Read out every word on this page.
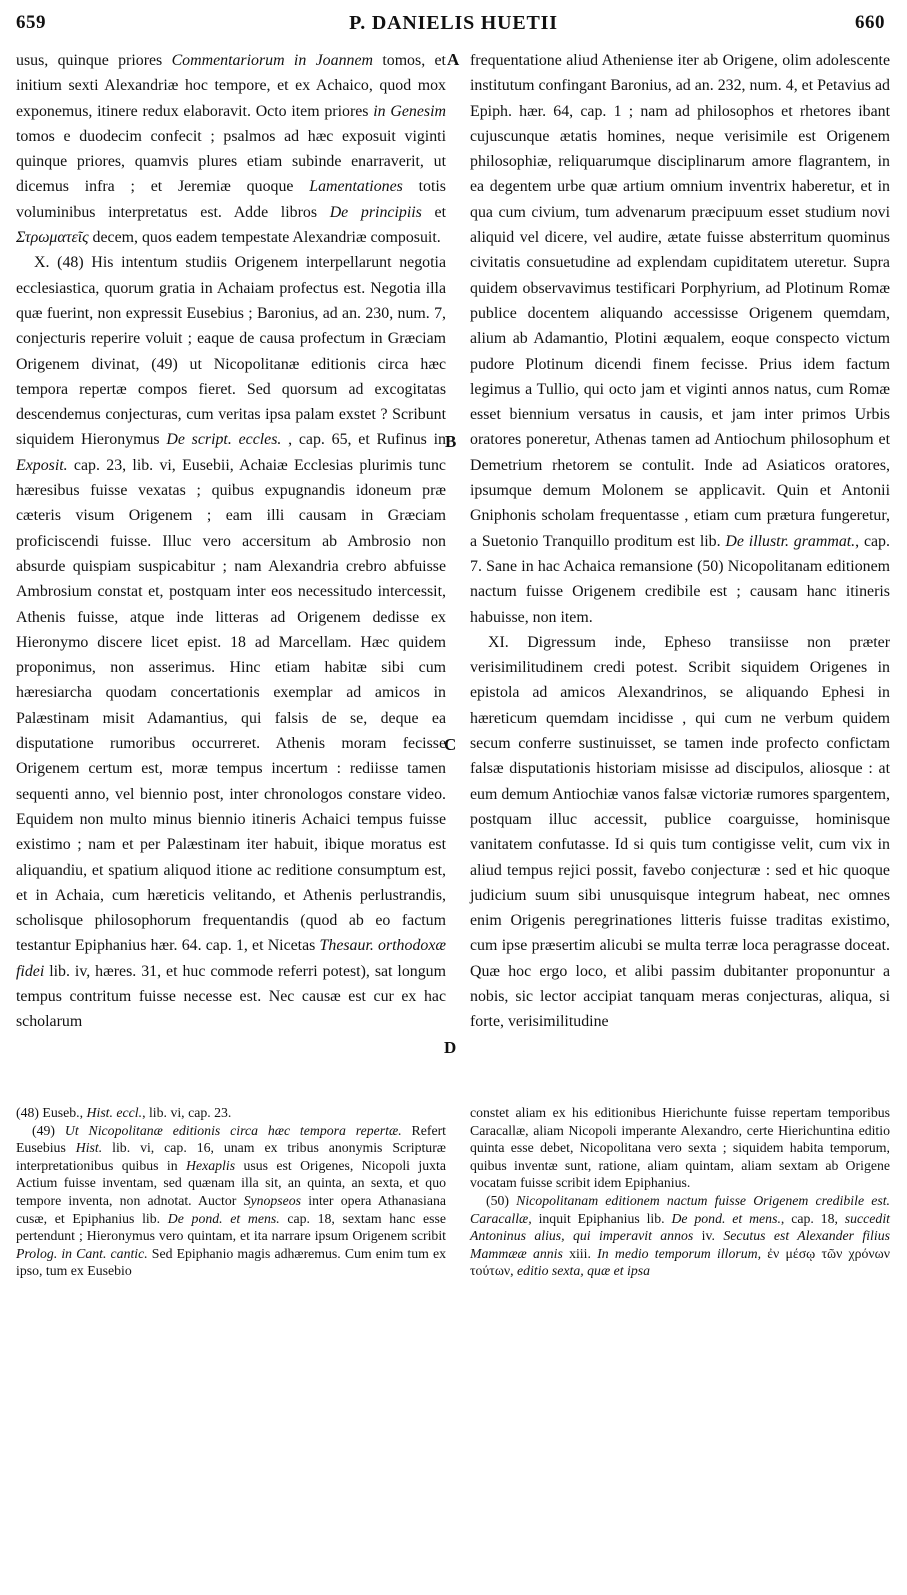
659	P. DANIELIS HUETII	660

usus, quinque priores Commentariorum in Joannem tomos, et initium sexti Alexandriæ hoc tempore, et ex Achaico, quod mox exponemus, itinere redux elaboravit. Octo item priores in Genesim tomos e duodecim confecit ; psalmos ad hæc exposuit viginti quinque priores, quamvis plures etiam subinde enarraverit, ut dicemus infra ; et Jeremiæ quoque Lamentationes totis voluminibus interpretatus est. Adde libros De principiis et Στρωματεῖς decem, quos eadem tempestate Alexandriæ composuit.

X. (48) His intentum studiis Origenem interpellarunt negotia ecclesiastica, quorum gratia in Achaiam profectus est. Negotia illa quæ fuerint, non expressit Eusebius ; Baronius, ad an. 230, num. 7, conjecturis reperire voluit ; eaque de causa profectum in Græciam Origenem divinat, (49) ut Nicopolitanæ editionis circa hæc tempora repertæ compos fieret. Sed quorsum ad excogitatas descendemus conjecturas, cum veritas ipsa palam exstet ? Scribunt siquidem Hieronymus De script. eccles. , cap. 65, et Rufinus in Exposit. cap. 23, lib. vi, Eusebii, Achaiæ Ecclesias plurimis tunc hæresibus fuisse vexatas ; quibus expugnandis idoneum præ cæteris visum Origenem ; eam illi causam in Græciam proficiscendi fuisse. Illuc vero accersitum ab Ambrosio non absurde quispiam suspicabitur ; nam Alexandria crebro abfuisse Ambrosium constat et, postquam inter eos necessitudo intercessit, Athenis fuisse, atque inde litteras ad Origenem dedisse ex Hieronymo discere licet epist. 18 ad Marcellam. Hæc quidem proponimus, non asserimus. Hinc etiam habitæ sibi cum hæresiarcha quodam concertationis exemplar ad amicos in Palæstinam misit Adamantius, qui falsis de se, deque ea disputatione rumoribus occurreret. Athenis moram fecisse Origenem certum est, moræ tempus incertum : rediisse tamen sequenti anno, vel biennio post, inter chronologos constare video. Equidem non multo minus biennio itineris Achaici tempus fuisse existimo ; nam et per Palæstinam iter habuit, ibique moratus est aliquandiu, et spatium aliquod itione ac reditione consumptum est, et in Achaia, cum hæreticis velitando, et Athenis perlustrandis, scholisque philosophorum frequentandis (quod ab eo factum testantur Epiphanius hær. 64. cap. 1, et Nicetas Thesaur. orthodoxæ fidei lib. iv, hæres. 31, et huc commode referri potest), sat longum tempus contritum fuisse necesse est. Nec causæ est cur ex hac scholarum

frequentatione aliud Atheniense iter ab Origene, olim adolescente institutum confingant Baronius, ad an. 232, num. 4, et Petavius ad Epiph. hær. 64, cap. 1 ; nam ad philosophos et rhetores ibant cujuscunque ætatis homines, neque verisimile est Origenem philosophiæ, reliquarumque disciplinarum amore flagrantem, in ea degentem urbe quæ artium omnium inventrix haberetur, et in qua cum civium, tum advenarum præcipuum esset studium novi aliquid vel dicere, vel audire, ætate fuisse absterritum quominus civitatis consuetudine ad explendam cupiditatem uteretur. Supra quidem observavimus testificari Porphyrium, ad Plotinum Romæ publice docentem aliquando accessisse Origenem quemdam, alium ab Adamantio, Plotini æqualem, eoque conspecto victum pudore Plotinum dicendi finem fecisse. Prius idem factum legimus a Tullio, qui octo jam et viginti annos natus, cum Romæ esset biennium versatus in causis, et jam inter primos Urbis oratores poneretur, Athenas tamen ad Antiochum philosophum et Demetrium rhetorem se contulit. Inde ad Asiaticos oratores, ipsumque demum Molonem se applicavit. Quin et Antonii Gniphonis scholam frequentasse , etiam cum prætura fungeretur, a Suetonio Tranquillo proditum est lib. De illustr. grammat., cap. 7. Sane in hac Achaica remansione (50) Nicopolitanam editionem nactum fuisse Origenem credibile est ; causam hanc itineris habuisse, non item.

XI. Digressum inde, Epheso transiisse non præter verisimilitudinem credi potest. Scribit siquidem Origenes in epistola ad amicos Alexandrinos, se aliquando Ephesi in hæreticum quemdam incidisse , qui cum ne verbum quidem secum conferre sustinuisset, se tamen inde profecto confictam falsæ disputationis historiam misisse ad discipulos, aliosque : at eum demum Antiochiæ vanos falsæ victoriæ rumores spargentem, postquam illuc accessit, publice coarguisse, hominisque vanitatem confutasse. Id si quis tum contigisse velit, cum vix in aliud tempus rejici possit, favebo conjecturæ : sed et hic quoque judicium suum sibi unusquisque integrum habeat, nec omnes enim Origenis peregrinationes litteris fuisse traditas existimo, cum ipse præsertim alicubi se multa terræ loca peragrasse doceat. Quæ hoc ergo loco, et alibi passim dubitanter proponuntur a nobis, sic lector accipiat tanquam meras conjecturas, aliqua, si forte, verisimilitudine

A
B
C
D

(48) Euseb., Hist. eccl., lib. vi, cap. 23.

(49) Ut Nicopolitanæ editionis circa hæc tempora repertæ. Refert Eusebius Hist. lib. vi, cap. 16, unam ex tribus anonymis Scripturæ interpretationibus quibus in Hexaplis usus est Origenes, Nicopoli juxta Actium fuisse inventam, sed quænam illa sit, an quinta, an sexta, et quo tempore inventa, non adnotat. Auctor Synopseos inter opera Athanasiana cusæ, et Epiphanius lib. De pond. et mens. cap. 18, sextam hanc esse pertendunt ; Hieronymus vero quintam, et ita narrare ipsum Origenem scribit Prolog. in Cant. cantic. Sed Epiphanio magis adhæremus. Cum enim tum ex ipso, tum ex Eusebio

constet aliam ex his editionibus Hierichunte fuisse repertam temporibus Caracallæ, aliam Nicopoli imperante Alexandro, certe Hierichuntina editio quinta esse debet, Nicopolitana vero sexta ; siquidem habita temporum, quibus inventæ sunt, ratione, aliam quintam, aliam sextam ab Origene vocatam fuisse scribit idem Epiphanius.

(50) Nicopolitanam editionem nactum fuisse Origenem credibile est. Caracallæ, inquit Epiphanius lib. De pond. et mens., cap. 18, succedit Antoninus alius, qui imperavit annos iv. Secutus est Alexander filius Mammææ annis xiii. In medio temporum illorum, ἐν μέσῳ τῶν χρόνων τούτων, editio sexta, quæ et ipsa
